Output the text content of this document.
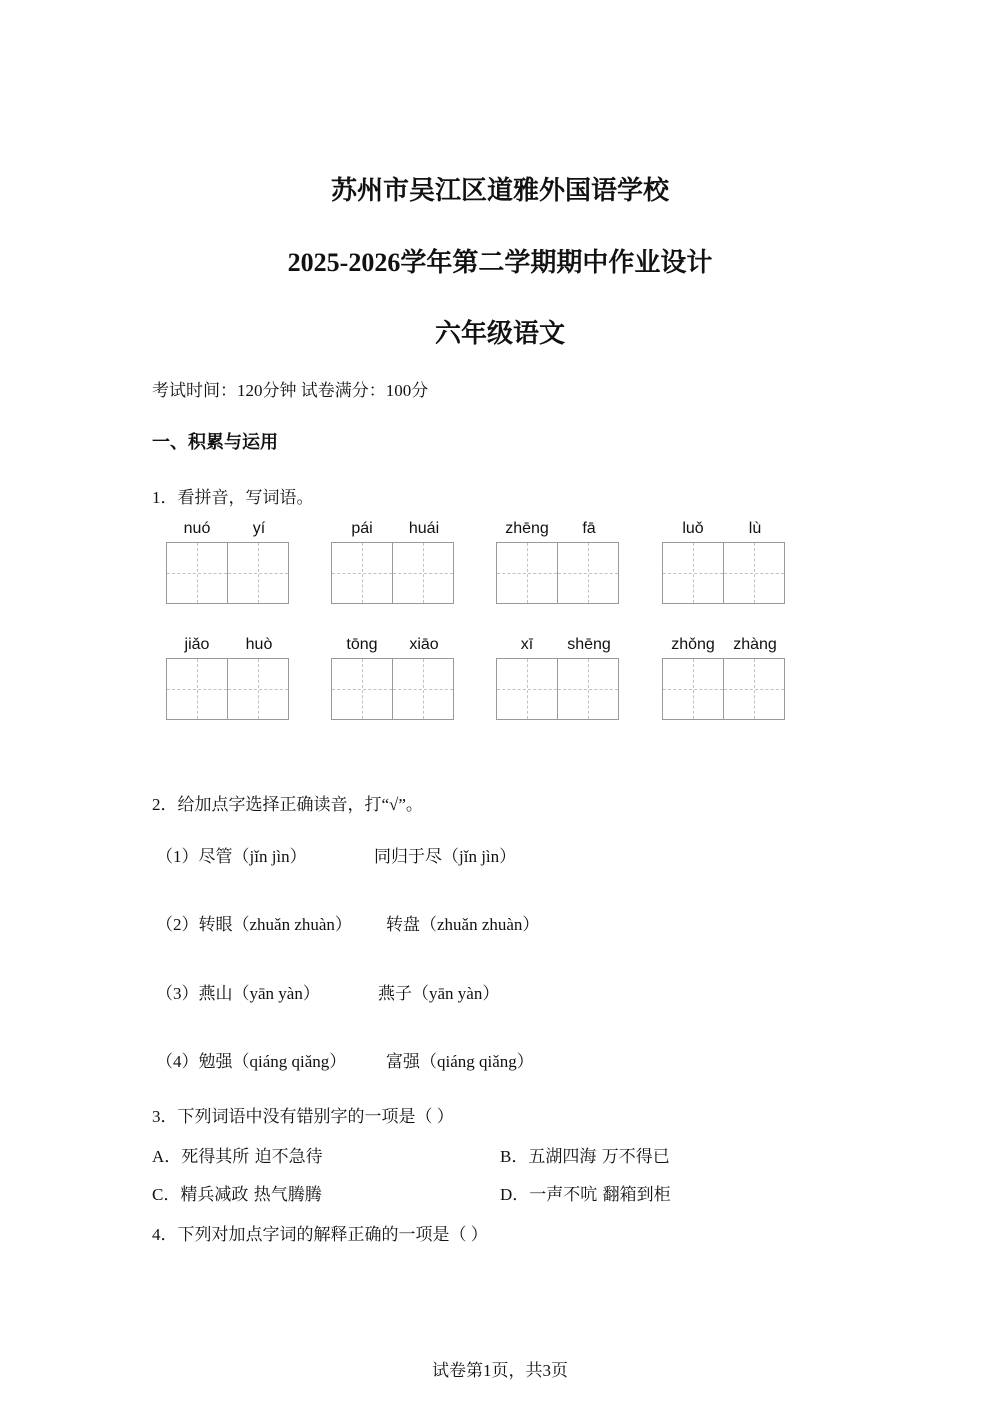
苏州市吴江区道雅外国语学校
2025-2026学年第二学期期中作业设计
六年级语文
考试时间：120分钟 试卷满分：100分
一、积累与运用
1．看拼音，写词语。
nuó	yí	pái	huái	zhēng	fā	luǒ	lù
jiǎo	huò	tōng	xiāo	xī	shēng	zhǒng	zhàng
2．给加点字选择正确读音，打“√”。
（1）尽管（jǐn jìn）	同归于尽（jǐn jìn）
（2）转眼（zhuǎn zhuàn） 转盘（zhuǎn zhuàn）
（3）燕山（yān yàn）	燕子（yān yàn）
（4）勉强（qiáng qiǎng） 富强（qiáng qiǎng）
3．下列词语中没有错别字的一项是（ ）
A．死得其所 迫不急待	B．五湖四海 万不得已
C．精兵减政 热气腾腾	D．一声不吭 翻箱到柜
4．下列对加点字词的解释正确的一项是（ ）
试卷第1页，共3页
